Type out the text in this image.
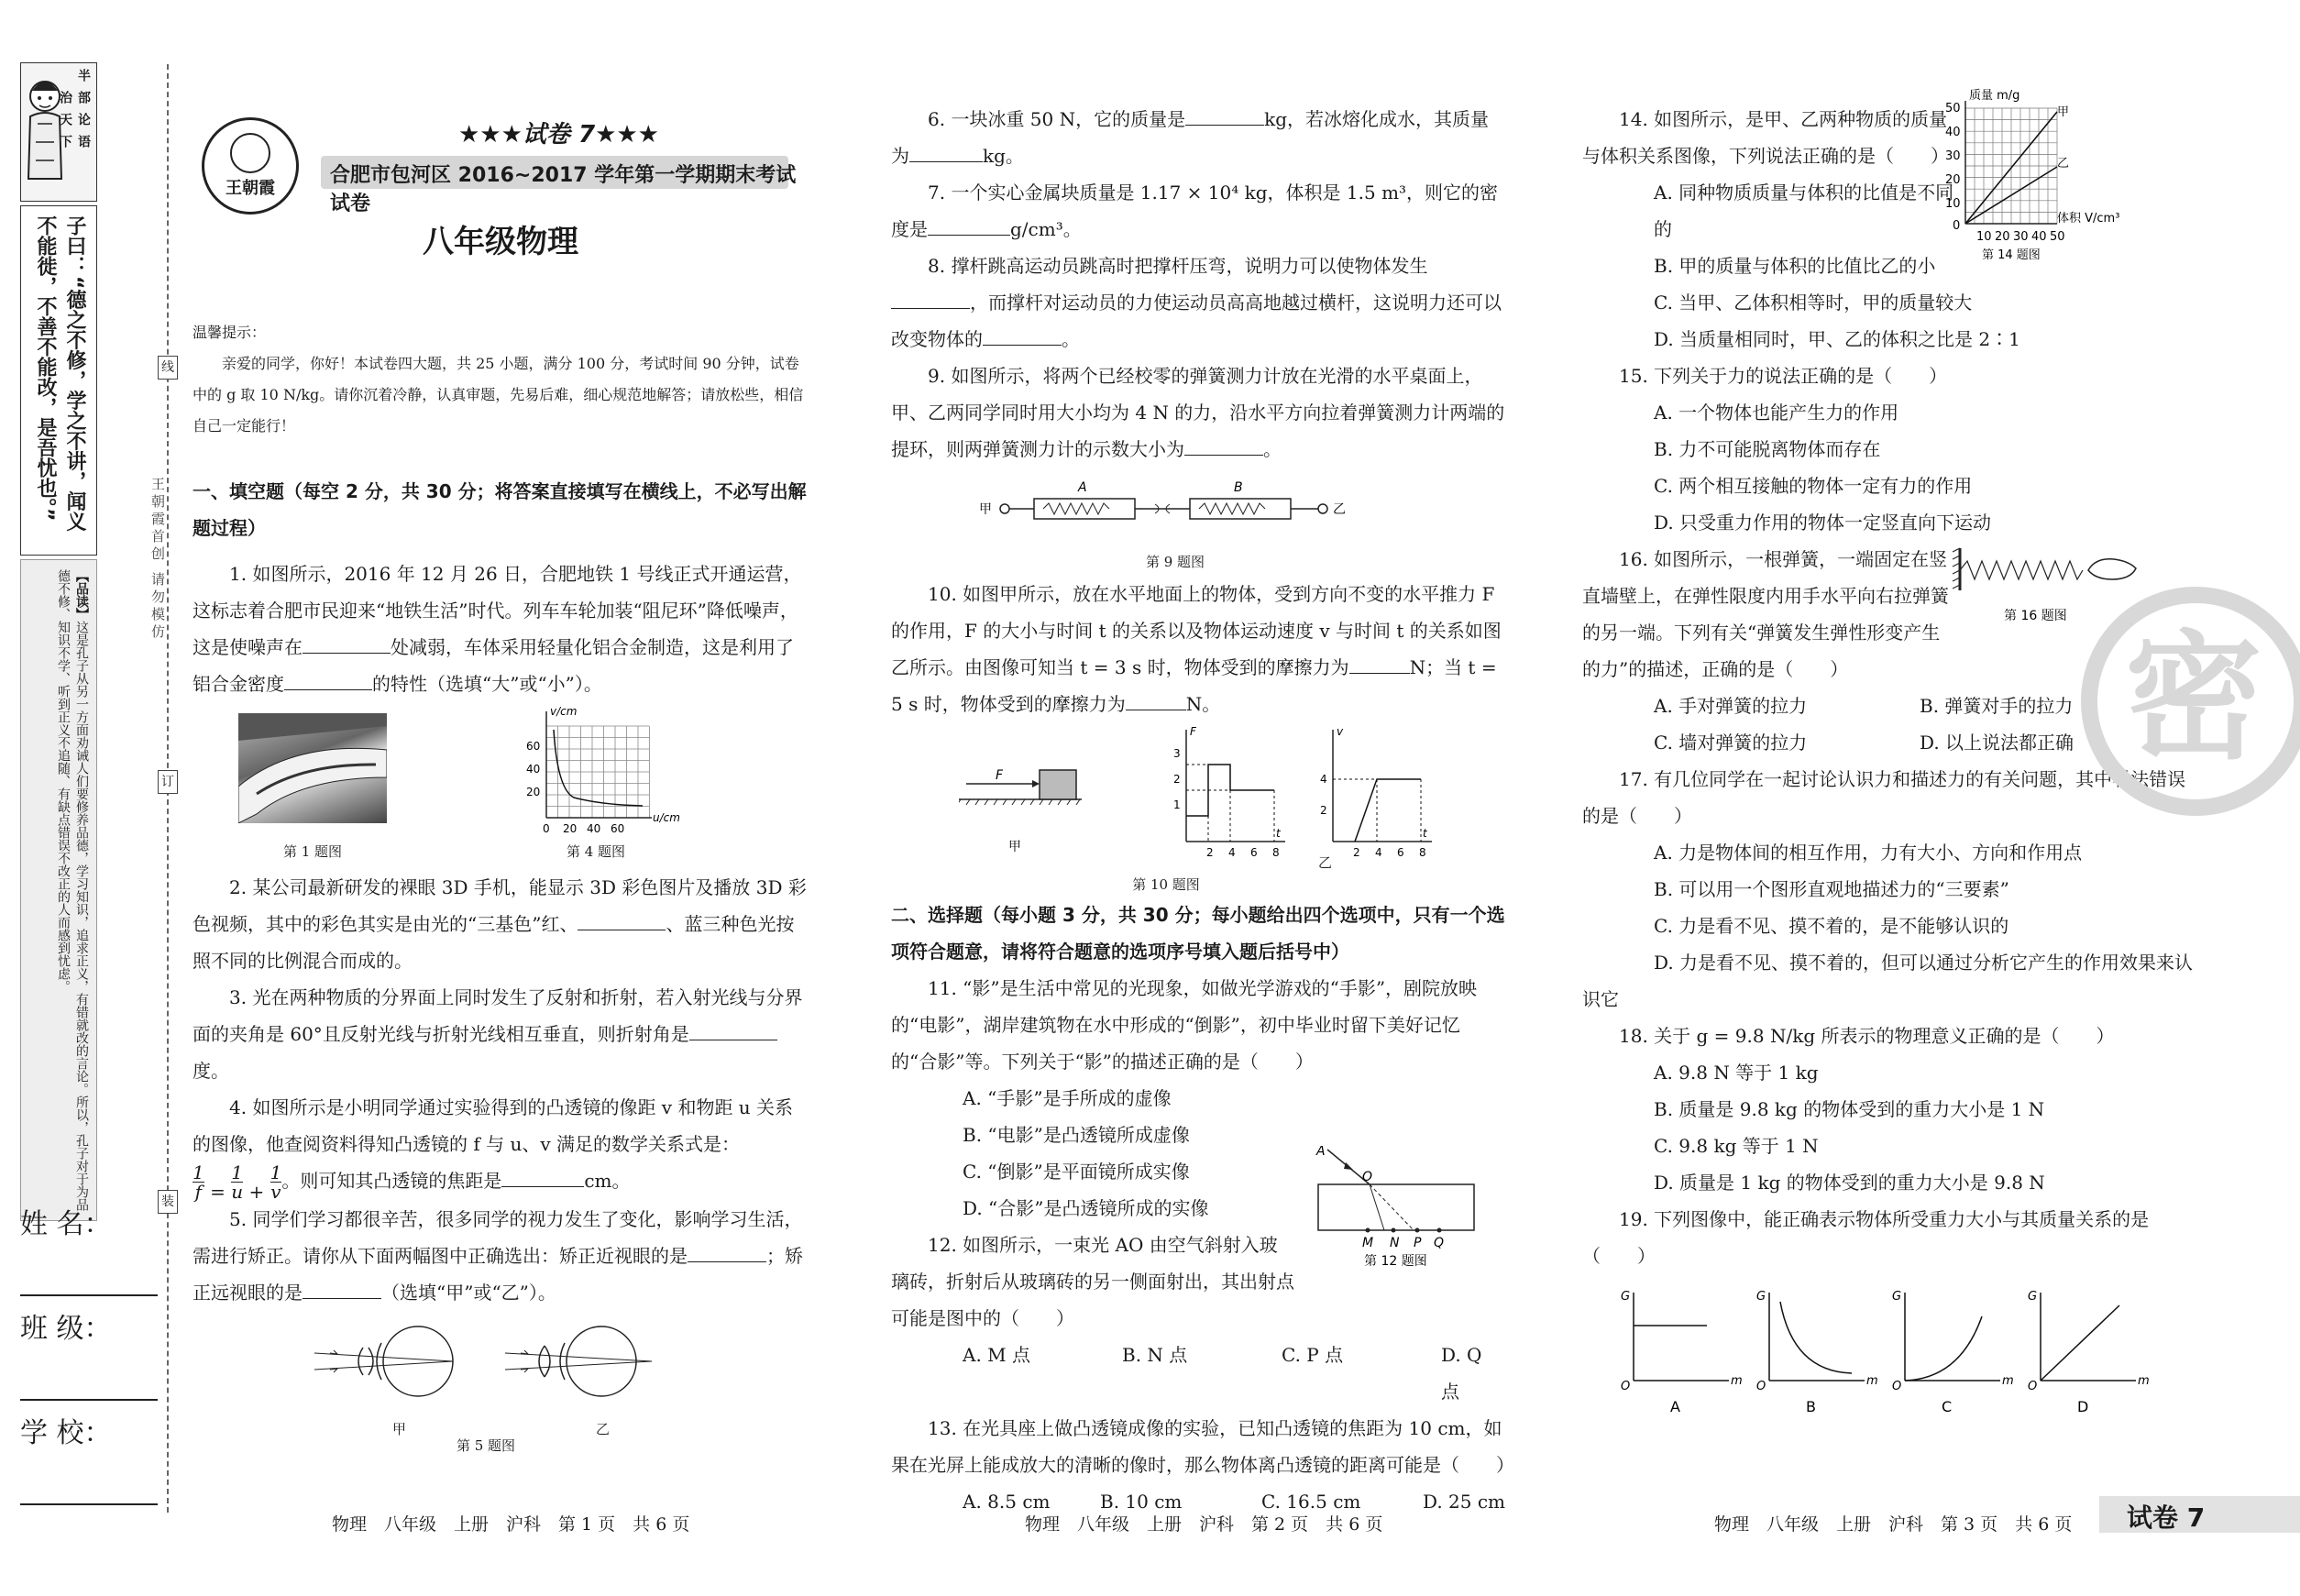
半部论语
治天下
子曰：“德之不修，学之不讲，闻义不能徙，不善不能改，是吾忧也。”
【品读】这是孔子从另一方面劝诫人们要修养品德，学习知识，追求正义，有错就改的言论。所以，孔子对于为品德不修、知识不学、听到正义不追随、有缺点错误不改正的人而感到忧虑。
王朝霞首创 请勿模仿
线
订
装
姓 名：
班 级：
学 校：
王朝霞
★★★试卷 7★★★
合肥市包河区 2016~2017 学年第一学期期末考试试卷
八年级物理
温馨提示：
亲爱的同学，你好！本试卷四大题，共 25 小题，满分 100 分，考试时间 90 分钟，试卷中的 g 取 10 N/kg。请你沉着冷静，认真审题，先易后难，细心规范地解答；请放松些，相信自己一定能行！

一、填空题（每空 2 分，共 30 分；将答案直接填写在横线上，不必写出解题过程）

1. 如图所示，2016 年 12 月 26 日，合肥地铁 1 号线正式开通运营，这标志着合肥市民迎来“地铁生活”时代。列车车轮加装“阻尼环”降低噪声，这是使噪声在	处减弱，车体采用轻量化铝合金制造，这是利用了铝合金密度	的特性（选填“大”或“小”）。

第 1 题图
v/cm
u/cm
60
40
20
0 20 40 60
第 4 题图

2. 某公司最新研发的裸眼 3D 手机，能显示 3D 彩色图片及播放 3D 彩色视频，其中的彩色其实是由光的“三基色”红、	、蓝三种色光按照不同的比例混合而成的。

3. 光在两种物质的分界面上同时发生了反射和折射，若入射光线与分界面的夹角是 60°且反射光线与折射光线相互垂直，则折射角是度。

4. 如图所示是小明同学通过实验得到的凸透镜的像距 v 和物距 u 关系的图像，他查阅资料得知凸透镜的 f 与 u、v 满足的数学关系式是：
$\frac{1}{f} = \frac{1}{u} + \frac{1}{v}$ 。则可知其凸透镜的焦距是	cm。

5. 同学们学习都很辛苦，很多同学的视力发生了变化，影响学习生活，需进行矫正。请你从下面两幅图中正确选出：矫正近视眼的是	；矫正远视眼的是	（选填“甲”或“乙”）。

甲	乙
第 5 题图

6. 一块冰重 50 N，它的质量是	kg，若冰熔化成水，其质量为	kg。

7. 一个实心金属块质量是 1.17 × 10⁴ kg，体积是 1.5 m³，则它的密度是	g/cm³。

8. 撑杆跳高运动员跳高时把撑杆压弯，说明力可以使物体发生，而撑杆对运动员的力使运动员高高地越过横杆，这说明力还可以改变物体的	。

9. 如图所示，将两个已经校零的弹簧测力计放在光滑的水平桌面上，甲、乙两同学同时用大小均为 4 N 的力，沿水平方向拉着弹簧测力计两端的提环，则两弹簧测力计的示数大小为	。

甲
A	B
乙
第 9 题图

10. 如图甲所示，放在水平地面上的物体，受到方向不变的水平推力 F 的作用，F 的大小与时间 t 的关系以及物体运动速度 v 与时间 t 的关系如图乙所示。由图像可知当 t = 3 s 时，物体受到的摩擦力为	N；当 t = 5 s 时，物体受到的摩擦力为	N。

F
甲
F
t
3
2
1
2 4 6 8
v
t
4
2
2 4 6 8
乙
第 10 题图

二、选择题（每小题 3 分，共 30 分；每小题给出四个选项中，只有一个选项符合题意，请将符合题意的选项序号填入题后括号中）

11. “影”是生活中常见的光现象，如做光学游戏的“手影”，剧院放映的“电影”，湖岸建筑物在水中形成的“倒影”，初中毕业时留下美好记忆的“合影”等。下列关于“影”的描述正确的是（　　）

A. “手影”是手所成的虚像

B. “电影”是凸透镜所成虚像

C. “倒影”是平面镜所成实像

D. “合影”是凸透镜所成的实像

12. 如图所示，一束光 AO 由空气斜射入玻璃砖，折射后从玻璃砖的另一侧面射出，其出射点可能是图中的（　　）

A
O
M N P Q
第 12 题图
A. M 点	B. N 点	C. P 点	D. Q 点

13. 在光具座上做凸透镜成像的实验，已知凸透镜的焦距为 10 cm，如果在光屏上能成放大的清晰的像时，那么物体离凸透镜的距离可能是（　　）

A. 8.5 cm	B. 10 cm	C. 16.5 cm	D. 25 cm

14. 如图所示，是甲、乙两种物质的质量与体积关系图像，下列说法正确的是（　　）

A. 同种物质质量与体积的比值是不同的

质量 m/g
体积 V/cm³
甲
乙
50
40
30
20
10
0
10 20 30 40 50
第 14 题图

B. 甲的质量与体积的比值比乙的小

C. 当甲、乙体积相等时，甲的质量较大

D. 当质量相同时，甲、乙的体积之比是 2∶1

15. 下列关于力的说法正确的是（　　）

A. 一个物体也能产生力的作用

B. 力不可能脱离物体而存在

C. 两个相互接触的物体一定有力的作用

D. 只受重力作用的物体一定竖直向下运动

16. 如图所示，一根弹簧，一端固定在竖直墙壁上，在弹性限度内用手水平向右拉弹簧的另一端。下列有关“弹簧发生弹性形变产生的力”的描述，正确的是（　　）

第 16 题图
A. 手对弹簧的拉力	B. 弹簧对手的拉力
C. 墙对弹簧的拉力	D. 以上说法都正确

17. 有几位同学在一起讨论认识力和描述力的有关问题，其中看法错误的是（　　）

A. 力是物体间的相互作用，力有大小、方向和作用点

B. 可以用一个图形直观地描述力的“三要素”

C. 力是看不见、摸不着的，是不能够认识的

D. 力是看不见、摸不着的，但可以通过分析它产生的作用效果来认识它

18. 关于 g = 9.8 N/kg 所表示的物理意义正确的是（　　）

A. 9.8 N 等于 1 kg

B. 质量是 9.8 kg 的物体受到的重力大小是 1 N

C. 9.8 kg 等于 1 N

D. 质量是 1 kg 的物体受到的重力大小是 9.8 N

19. 下列图像中，能正确表示物体所受重力大小与其质量关系的是（　　）

G
m
O
A
G
m
O
B
G
m
O
C
G
m
O
D
密
物理　八年级　上册　沪科　第 1 页　共 6 页	物理　八年级　上册　沪科　第 2 页　共 6 页	物理　八年级　上册　沪科　第 3 页　共 6 页 试卷 7
